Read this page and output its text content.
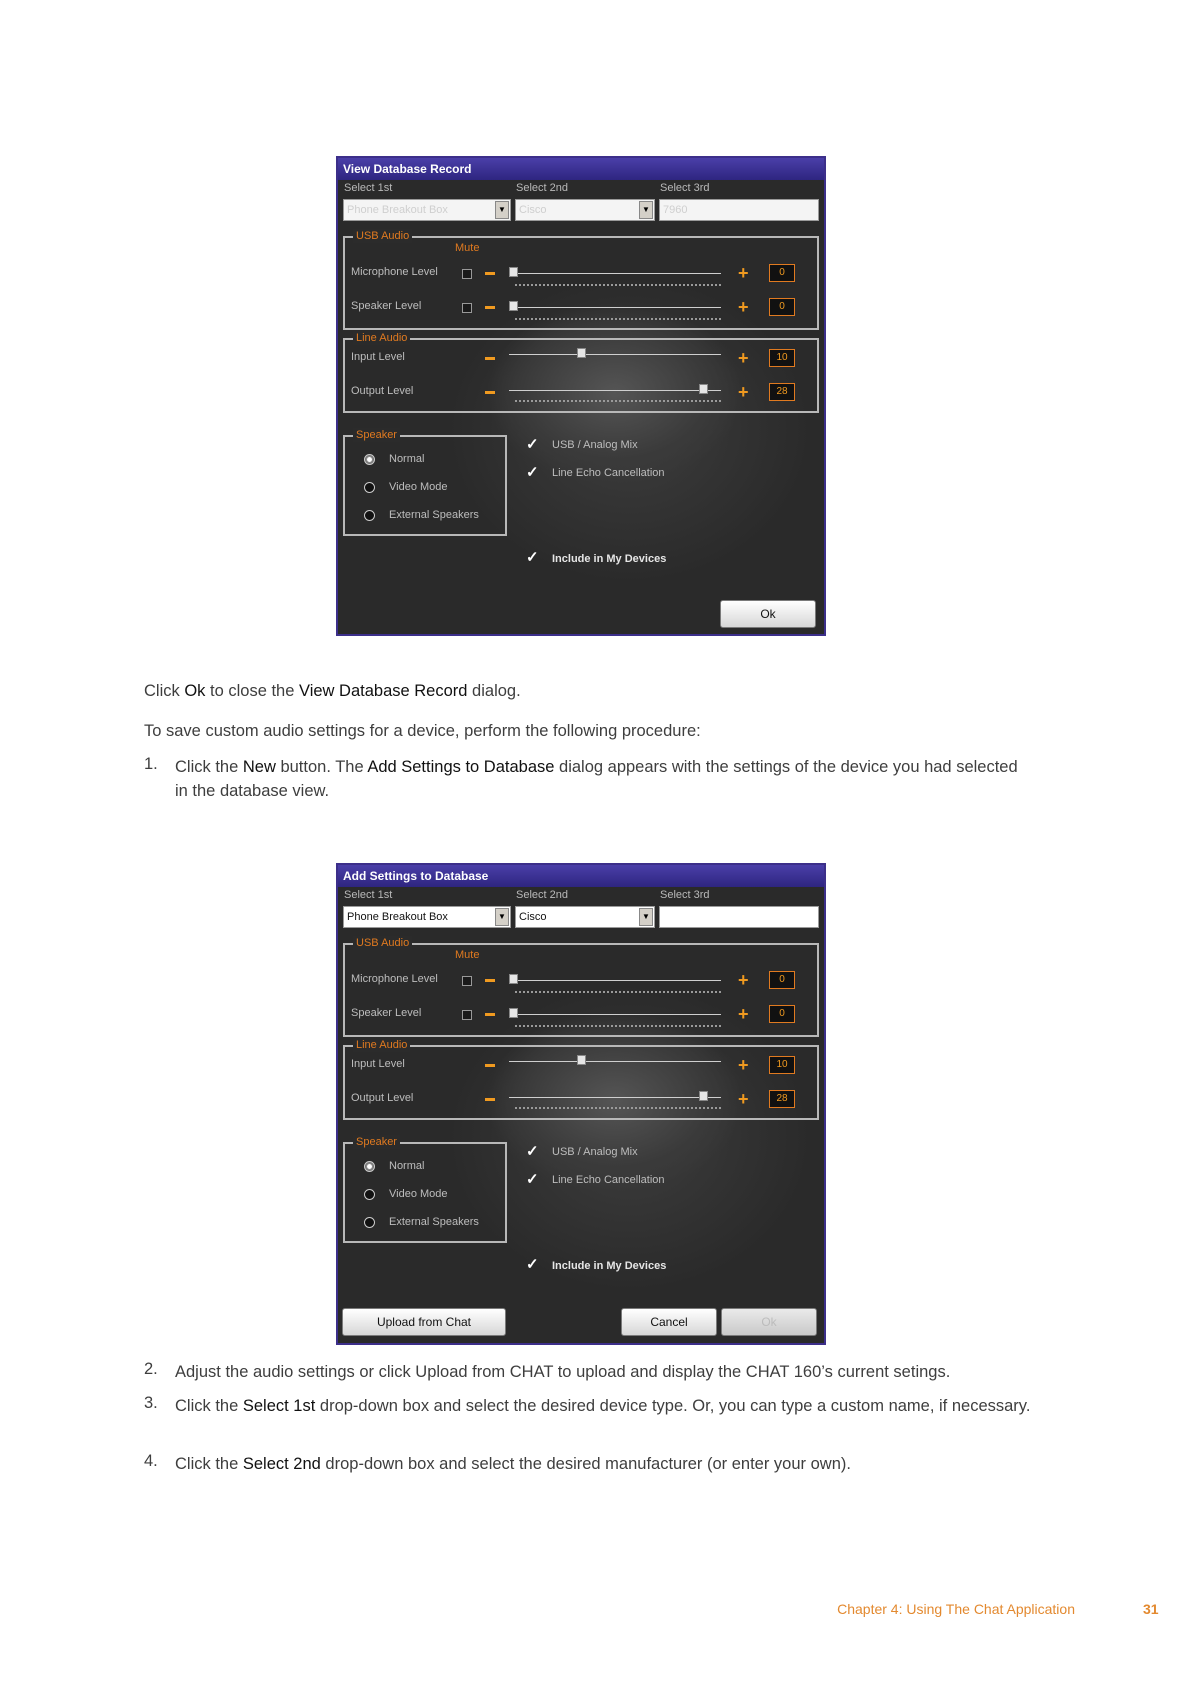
View Database Record
Select 1st	Select 2nd	Select 3rd
Phone Breakout Box	▼	Cisco	▼	7960
USB Audio
Mute
Microphone Level	+	0
Speaker Level	+	0
Line Audio
Input Level	+	10
Output Level	+	28
Speaker
Normal
Video Mode
External Speakers
✓ USB / Analog Mix
✓ Line Echo Cancellation
✓ Include in My Devices
Ok
Click Ok to close the View Database Record dialog.
To save custom audio settings for a device, perform the following procedure:
1. Click the New button. The Add Settings to Database dialog appears with the settings of the device you had selected in the database view.
Add Settings to Database
Select 1st	Select 2nd	Select 3rd
Phone Breakout Box	▼	Cisco	▼
USB Audio
Mute
Microphone Level	+	0
Speaker Level	+	0
Line Audio
Input Level	+	10
Output Level	+	28
Speaker
Normal
Video Mode
External Speakers
✓ USB / Analog Mix
✓ Line Echo Cancellation
✓ Include in My Devices
Upload from Chat	Cancel	Ok
2. Adjust the audio settings or click Upload from CHAT to upload and display the CHAT 160’s current setings.
3. Click the Select 1st drop-down box and select the desired device type. Or, you can type a custom name, if necessary.
4. Click the Select 2nd drop-down box and select the desired manufacturer (or enter your own).
Chapter 4: Using The Chat Application	31
